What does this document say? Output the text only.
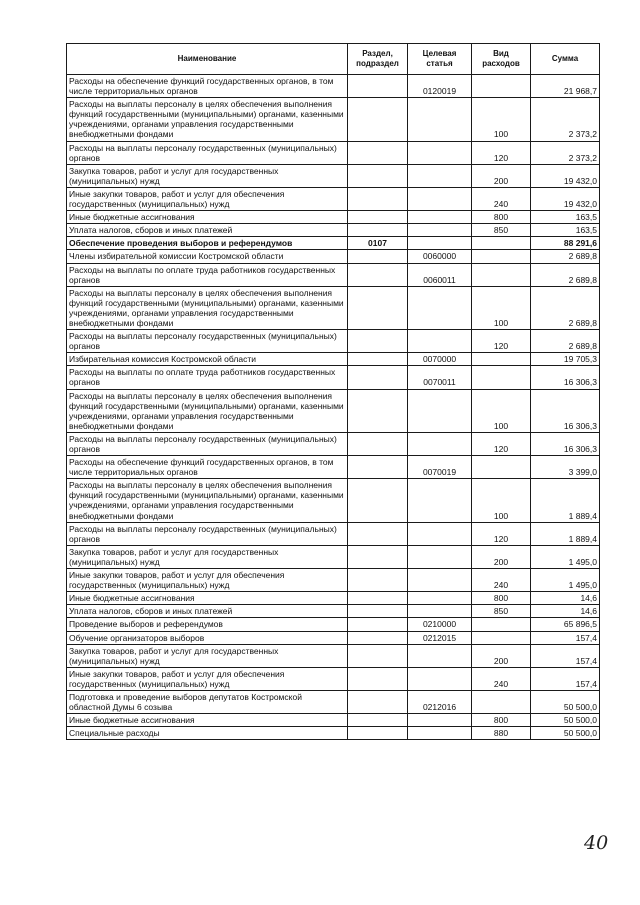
Наименование	Раздел, подраздел	Целевая статья	Вид расходов	Сумма
Расходы на обеспечение функций государственных органов, в том числе территориальных органов		0120019		21 968,7
Расходы на выплаты персоналу в целях обеспечения выполнения функций государственными (муниципальными) органами, казенными учреждениями, органами управления государственными внебюджетными фондами			100	2 373,2
Расходы на выплаты персоналу государственных (муниципальных) органов			120	2 373,2
Закупка товаров, работ и услуг для государственных (муниципальных) нужд			200	19 432,0
Иные закупки товаров, работ и услуг для обеспечения государственных (муниципальных) нужд			240	19 432,0
Иные бюджетные ассигнования			800	163,5
Уплата налогов, сборов и иных платежей			850	163,5
Обеспечение проведения выборов и референдумов	0107			88 291,6
Члены избирательной комиссии Костромской области		0060000		2 689,8
Расходы на выплаты по оплате труда работников государственных органов		0060011		2 689,8
Расходы на выплаты персоналу в целях обеспечения выполнения функций государственными (муниципальными) органами, казенными учреждениями, органами управления государственными внебюджетными фондами			100	2 689,8
Расходы на выплаты персоналу государственных (муниципальных) органов			120	2 689,8
Избирательная комиссия Костромской области		0070000		19 705,3
Расходы на выплаты по оплате труда работников государственных органов		0070011		16 306,3
Расходы на выплаты персоналу в целях обеспечения выполнения функций государственными (муниципальными) органами, казенными учреждениями, органами управления государственными внебюджетными фондами			100	16 306,3
Расходы на выплаты персоналу государственных (муниципальных) органов			120	16 306,3
Расходы на обеспечение функций государственных органов, в том числе территориальных органов		0070019		3 399,0
Расходы на выплаты персоналу в целях обеспечения выполнения функций государственными (муниципальными) органами, казенными учреждениями, органами управления государственными внебюджетными фондами			100	1 889,4
Расходы на выплаты персоналу государственных (муниципальных) органов			120	1 889,4
Закупка товаров, работ и услуг для государственных (муниципальных) нужд			200	1 495,0
Иные закупки товаров, работ и услуг для обеспечения государственных (муниципальных) нужд			240	1 495,0
Иные бюджетные ассигнования			800	14,6
Уплата налогов, сборов и иных платежей			850	14,6
Проведение выборов и референдумов		0210000		65 896,5
Обучение организаторов выборов		0212015		157,4
Закупка товаров, работ и услуг для государственных (муниципальных) нужд			200	157,4
Иные закупки товаров, работ и услуг для обеспечения государственных (муниципальных) нужд			240	157,4
Подготовка и проведение выборов депутатов Костромской областной Думы 6 созыва		0212016		50 500,0
Иные бюджетные ассигнования			800	50 500,0
Специальные расходы			880	50 500,0
40
